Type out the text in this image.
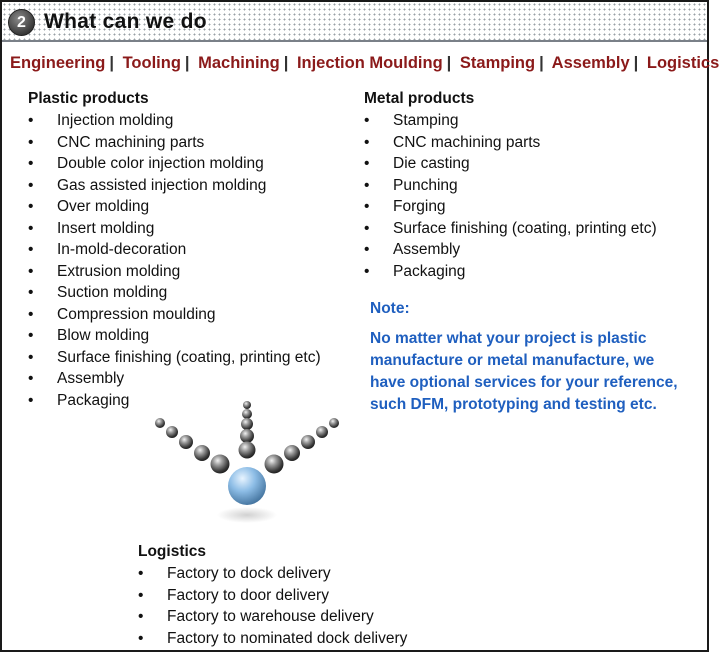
2 What can we do
Engineering | Tooling | Machining | Injection Moulding | Stamping | Assembly | Logistics
Plastic products
• Injection molding
• CNC machining parts
• Double color injection molding
• Gas assisted injection molding
• Over molding
• Insert molding
• In-mold-decoration
• Extrusion molding
• Suction molding
• Compression moulding
• Blow molding
• Surface finishing (coating, printing etc)
• Assembly
• Packaging
Metal products
• Stamping
• CNC machining parts
• Die casting
• Punching
• Forging
• Surface finishing (coating, printing etc)
• Assembly
• Packaging

Note:

No matter what your project is plastic manufacture or metal manufacture, we have optional services for your reference, such DFM, prototyping and testing etc.

Logistics
• Factory to dock delivery
• Factory to door delivery
• Factory to warehouse delivery
• Factory to nominated dock delivery
